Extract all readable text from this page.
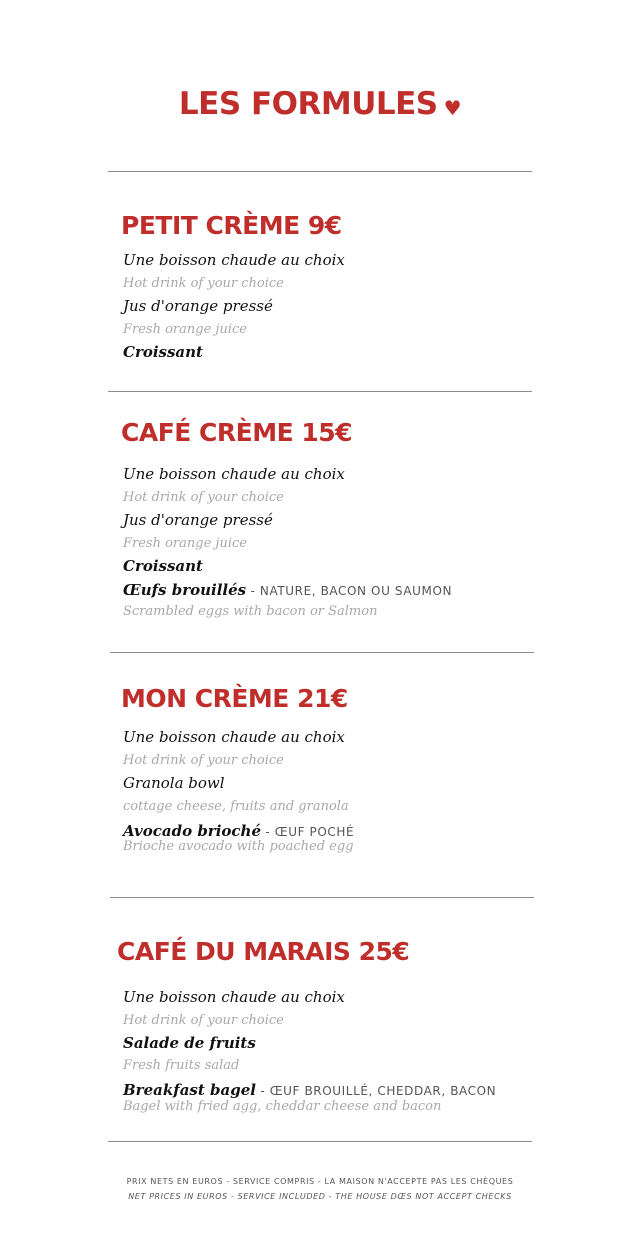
LES FORMULES ♥
PETIT CRÈME 9€
Une boisson chaude au choix
Hot drink of your choice
Jus d'orange pressé
Fresh orange juice
Croissant
CAFÉ CRÈME 15€
Une boisson chaude au choix
Hot drink of your choice
Jus d'orange pressé
Fresh orange juice
Croissant
Œufs brouillés - NATURE, BACON OU SAUMON
Scrambled eggs with bacon or Salmon
MON CRÈME 21€
Une boisson chaude au choix
Hot drink of your choice
Granola bowl
cottage cheese, fruits and granola
Avocado brioché - ŒUF POCHÉ
Brioche avocado with poached egg
CAFÉ DU MARAIS 25€
Une boisson chaude au choix
Hot drink of your choice
Salade de fruits
Fresh fruits salad
Breakfast bagel - ŒUF BROUILLÉ, CHEDDAR, BACON
Bagel with fried agg, cheddar cheese and bacon
PRIX NETS EN EUROS - SERVICE COMPRIS - LA MAISON N'ACCEPTE PAS LES CHÈQUES
NET PRICES IN EUROS - SERVICE INCLUDED - THE HOUSE DŒS NOT ACCEPT CHECKS
